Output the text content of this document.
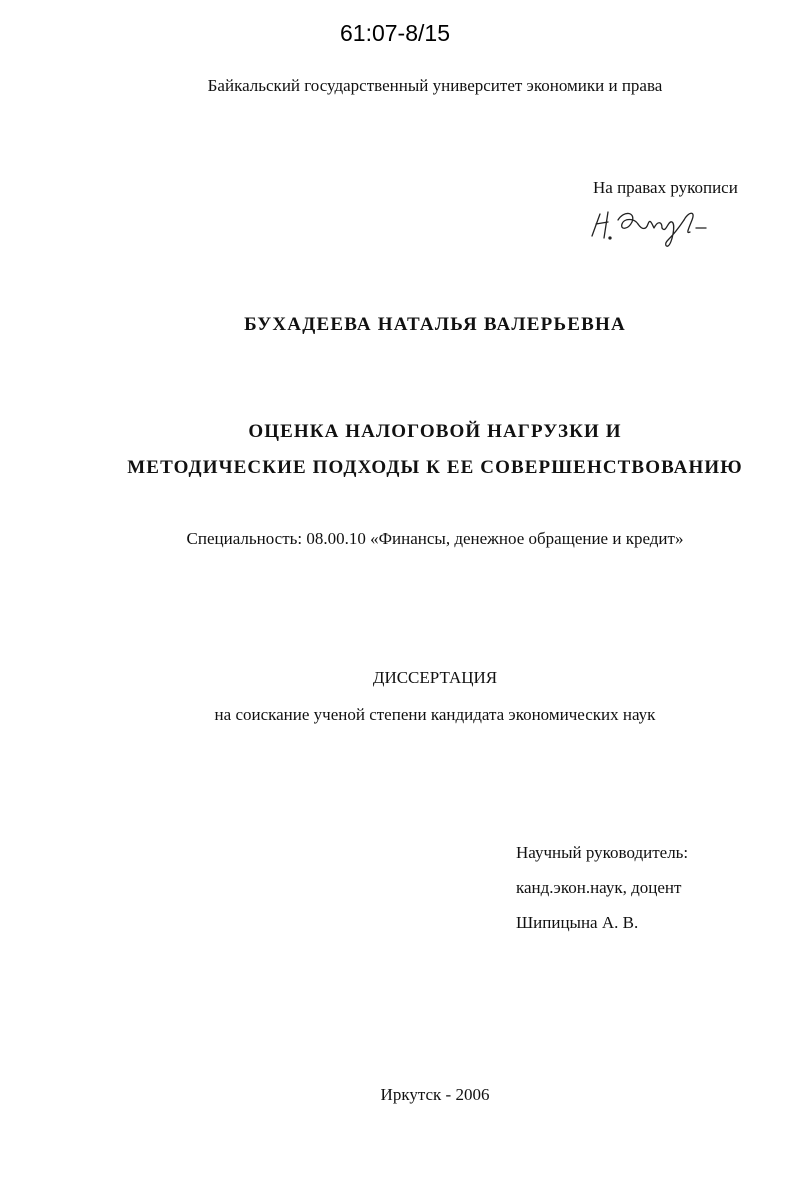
61:07-8/15
Байкальский государственный университет экономики и права
На правах рукописи
БУХАДЕЕВА НАТАЛЬЯ ВАЛЕРЬЕВНА
ОЦЕНКА НАЛОГОВОЙ НАГРУЗКИ И
МЕТОДИЧЕСКИЕ ПОДХОДЫ К ЕЕ СОВЕРШЕНСТВОВАНИЮ
Специальность: 08.00.10 «Финансы, денежное обращение и кредит»
ДИССЕРТАЦИЯ
на соискание ученой степени кандидата экономических наук
Научный руководитель:
канд.экон.наук, доцент
Шипицына А. В.
Иркутск - 2006
